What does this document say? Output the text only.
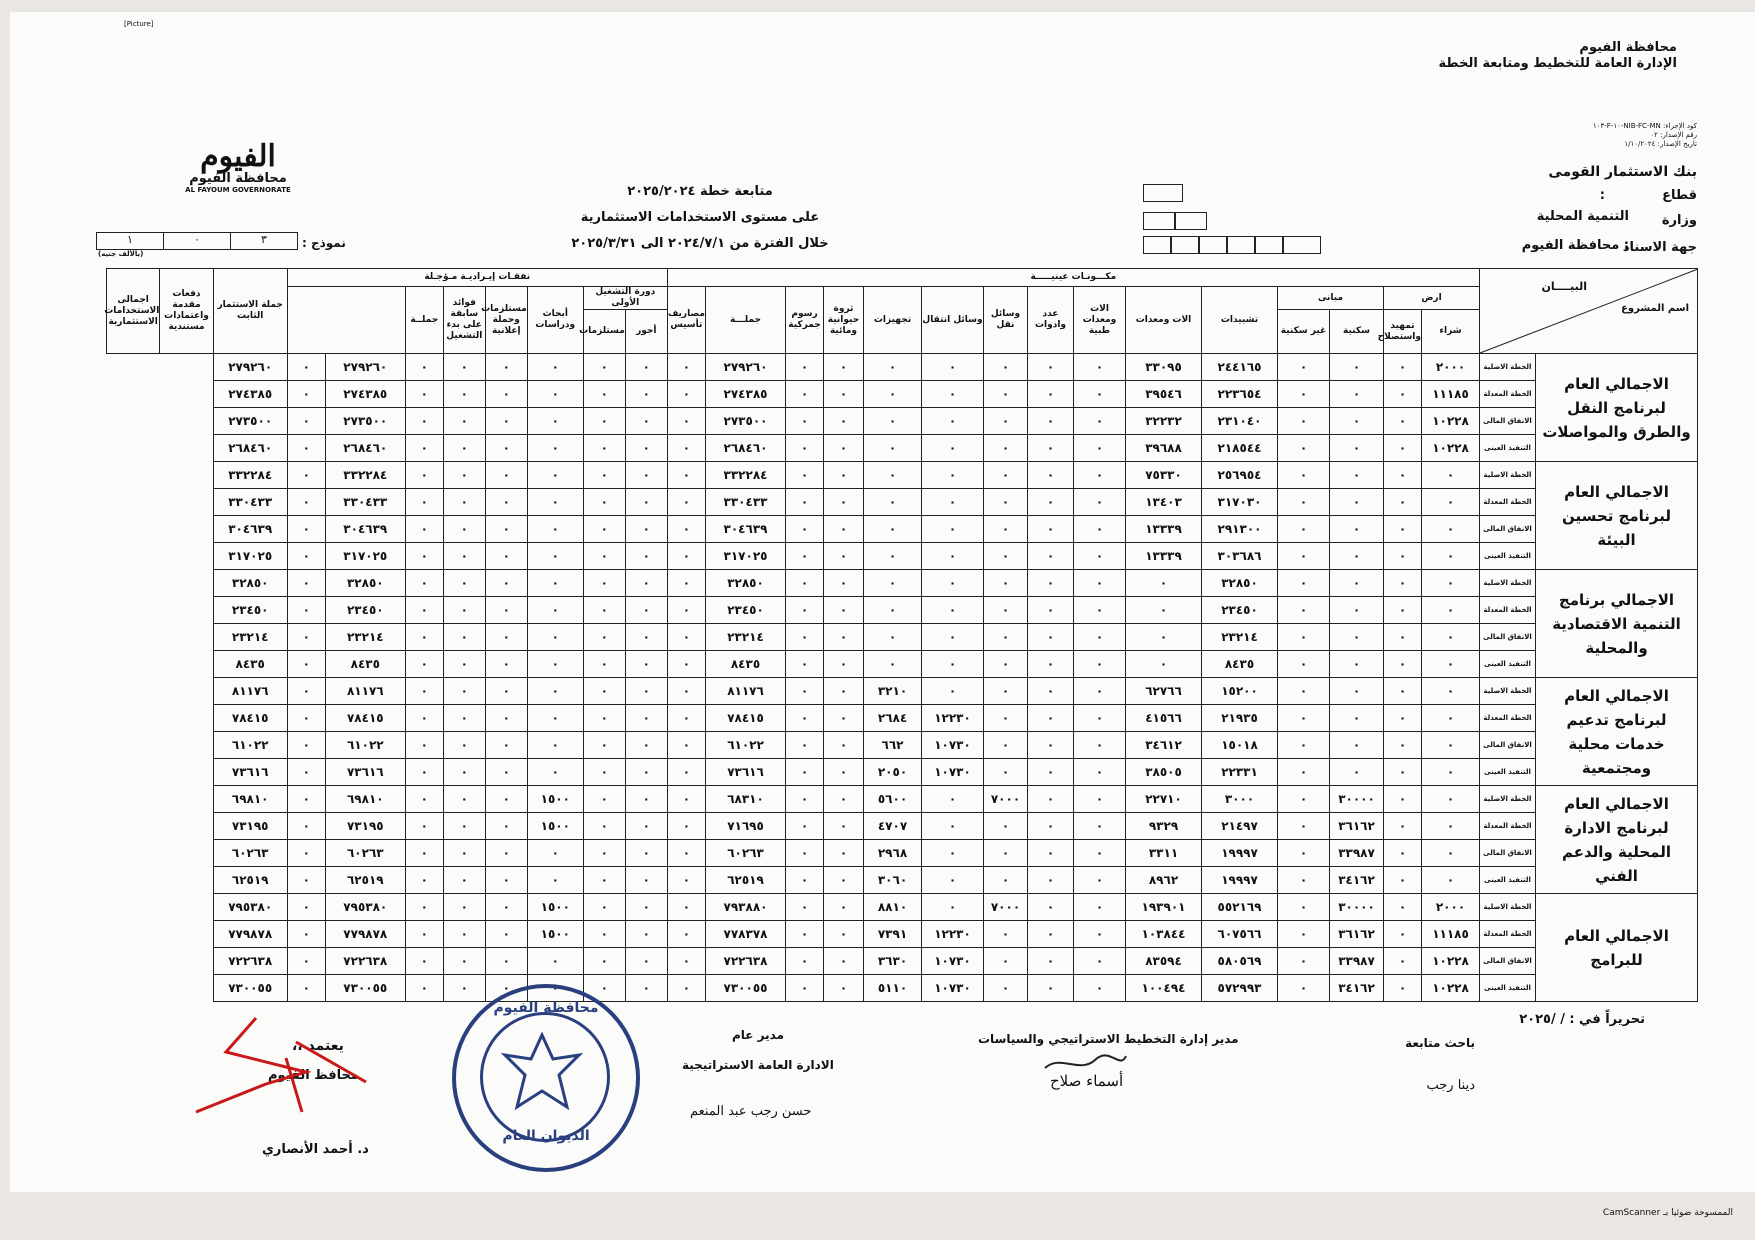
[Picture]
محافظة الفيوم
الإدارة العامة للتخطيط ومتابعة الخطة
كود الإجراء: NIB-FC-MN-١٠-F-١٠٣
رقم الإصدار: ٠٢
تاريخ الإصدار: ١/١٠/٢٠٢٤
بنك الاستثمار القومى
قطاع
:
وزارة
التنمية المحلية
جهة الاسناد
: محافظة الفيوم
متابعة خطة ٢٠٢٥/٢٠٢٤
على مستوى الاستخدامات الاستثمارية
خلال الفترة من ٢٠٢٤/٧/١ الى ٢٠٢٥/٣/٣١
الفيوم
محافظة الفيوم
AL FAYOUM GOVERNORATE
نموذج :
٣
٠
١
(بالألف جنيه)
البيــــان
اسم المشروع		مكـــونـات عينيـــــة															نفقـات إيـراديـة مـؤجـلة								جملة الاستثمار الثابت	دفعات مقدمة واعتمادات مستندية	اجمالى الاستخدامات الاستثمارية
		ارض		مبانى		تشييدات	الات ومعدات	الات ومعدات طبية	عدد وادوات	وسائل نقل	وسائل انتقال	تجهيزات	ثروة حيوانية ومائية	رسوم جمركية	جملـــة	مصاريف تأسيس	دورة التشغيل الأولى		أبحاث ودراسات	مستلزمات وحملة إعلانية	فوائد سابقة على بدء التشغيل	جملــة					
		شراء	تمهيد واستصلاح	سكنية	غير سكنية												أجور	مستلزمات									
الاجمالي العام لبرنامج النقل والطرق والمواصلات	الخطة الاصلية	٢٠٠٠	٠	٠	٠	٢٤٤١٦٥	٣٣٠٩٥	٠	٠	٠	٠	٠	٠	٠	٢٧٩٢٦٠	٠	٠	٠	٠	٠	٠	٠	٢٧٩٢٦٠	٠	٢٧٩٢٦٠		
	الخطة المعدلة	١١١٨٥	٠	٠	٠	٢٢٣٦٥٤	٣٩٥٤٦	٠	٠	٠	٠	٠	٠	٠	٢٧٤٣٨٥	٠	٠	٠	٠	٠	٠	٠	٢٧٤٣٨٥	٠	٢٧٤٣٨٥		
	الانفاق المالى	١٠٢٢٨	٠	٠	٠	٢٣١٠٤٠	٣٢٢٣٢	٠	٠	٠	٠	٠	٠	٠	٢٧٣٥٠٠	٠	٠	٠	٠	٠	٠	٠	٢٧٣٥٠٠	٠	٢٧٣٥٠٠		
	التنفيذ العينى	١٠٢٢٨	٠	٠	٠	٢١٨٥٤٤	٣٩٦٨٨	٠	٠	٠	٠	٠	٠	٠	٢٦٨٤٦٠	٠	٠	٠	٠	٠	٠	٠	٢٦٨٤٦٠	٠	٢٦٨٤٦٠		
الاجمالي العام لبرنامج تحسين البيئة	الخطة الاصلية	٠	٠	٠	٠	٢٥٦٩٥٤	٧٥٣٣٠	٠	٠	٠	٠	٠	٠	٠	٣٣٢٢٨٤	٠	٠	٠	٠	٠	٠	٠	٣٣٢٢٨٤	٠	٣٣٢٢٨٤		
	الخطة المعدلة	٠	٠	٠	٠	٣١٧٠٣٠	١٣٤٠٣	٠	٠	٠	٠	٠	٠	٠	٣٣٠٤٣٣	٠	٠	٠	٠	٠	٠	٠	٣٣٠٤٣٣	٠	٣٣٠٤٣٣		
	الانفاق المالى	٠	٠	٠	٠	٢٩١٣٠٠	١٣٣٣٩	٠	٠	٠	٠	٠	٠	٠	٣٠٤٦٣٩	٠	٠	٠	٠	٠	٠	٠	٣٠٤٦٣٩	٠	٣٠٤٦٣٩		
	التنفيذ العينى	٠	٠	٠	٠	٣٠٣٦٨٦	١٣٣٣٩	٠	٠	٠	٠	٠	٠	٠	٣١٧٠٢٥	٠	٠	٠	٠	٠	٠	٠	٣١٧٠٢٥	٠	٣١٧٠٢٥		
الاجمالي برنامج التنمية الاقتصادية والمحلية	الخطة الاصلية	٠	٠	٠	٠	٣٢٨٥٠	٠	٠	٠	٠	٠	٠	٠	٠	٣٢٨٥٠	٠	٠	٠	٠	٠	٠	٠	٣٢٨٥٠	٠	٣٢٨٥٠		
	الخطة المعدلة	٠	٠	٠	٠	٢٣٤٥٠	٠	٠	٠	٠	٠	٠	٠	٠	٢٣٤٥٠	٠	٠	٠	٠	٠	٠	٠	٢٣٤٥٠	٠	٢٣٤٥٠		
	الانفاق المالى	٠	٠	٠	٠	٢٣٢١٤	٠	٠	٠	٠	٠	٠	٠	٠	٢٣٢١٤	٠	٠	٠	٠	٠	٠	٠	٢٣٢١٤	٠	٢٣٢١٤		
	التنفيذ العينى	٠	٠	٠	٠	٨٤٣٥	٠	٠	٠	٠	٠	٠	٠	٠	٨٤٣٥	٠	٠	٠	٠	٠	٠	٠	٨٤٣٥	٠	٨٤٣٥		
الاجمالي العام لبرنامج تدعيم خدمات محلية ومجتمعية	الخطة الاصلية	٠	٠	٠	٠	١٥٢٠٠	٦٢٧٦٦	٠	٠	٠	٠	٣٢١٠	٠	٠	٨١١٧٦	٠	٠	٠	٠	٠	٠	٠	٨١١٧٦	٠	٨١١٧٦		
	الخطة المعدلة	٠	٠	٠	٠	٢١٩٣٥	٤١٥٦٦	٠	٠	٠	١٢٢٣٠	٢٦٨٤	٠	٠	٧٨٤١٥	٠	٠	٠	٠	٠	٠	٠	٧٨٤١٥	٠	٧٨٤١٥		
	الانفاق المالى	٠	٠	٠	٠	١٥٠١٨	٣٤٦١٢	٠	٠	٠	١٠٧٣٠	٦٦٢	٠	٠	٦١٠٢٢	٠	٠	٠	٠	٠	٠	٠	٦١٠٢٢	٠	٦١٠٢٢		
	التنفيذ العينى	٠	٠	٠	٠	٢٢٣٣١	٣٨٥٠٥	٠	٠	٠	١٠٧٣٠	٢٠٥٠	٠	٠	٧٣٦١٦	٠	٠	٠	٠	٠	٠	٠	٧٣٦١٦	٠	٧٣٦١٦		
الاجمالي العام لبرنامج الادارة المحلية والدعم الفني	الخطة الاصلية	٠	٠	٣٠٠٠٠	٠	٣٠٠٠	٢٢٧١٠	٠	٠	٧٠٠٠	٠	٥٦٠٠	٠	٠	٦٨٣١٠	٠	٠	٠	١٥٠٠	٠	٠	٠	٦٩٨١٠	٠	٦٩٨١٠		
	الخطة المعدلة	٠	٠	٣٦١٦٢	٠	٢١٤٩٧	٩٣٢٩	٠	٠	٠	٠	٤٧٠٧	٠	٠	٧١٦٩٥	٠	٠	٠	١٥٠٠	٠	٠	٠	٧٣١٩٥	٠	٧٣١٩٥		
	الانفاق المالى	٠	٠	٣٣٩٨٧	٠	١٩٩٩٧	٣٣١١	٠	٠	٠	٠	٢٩٦٨	٠	٠	٦٠٢٦٣	٠	٠	٠	٠	٠	٠	٠	٦٠٢٦٣	٠	٦٠٢٦٣		
	التنفيذ العينى	٠	٠	٣٤١٦٢	٠	١٩٩٩٧	٨٩٦٢	٠	٠	٠	٠	٣٠٦٠	٠	٠	٦٢٥١٩	٠	٠	٠	٠	٠	٠	٠	٦٢٥١٩	٠	٦٢٥١٩		
الاجمالي العام للبرامج	الخطة الاصلية	٢٠٠٠	٠	٣٠٠٠٠	٠	٥٥٢١٦٩	١٩٣٩٠١	٠	٠	٧٠٠٠	٠	٨٨١٠	٠	٠	٧٩٣٨٨٠	٠	٠	٠	١٥٠٠	٠	٠	٠	٧٩٥٣٨٠	٠	٧٩٥٣٨٠		
	الخطة المعدلة	١١١٨٥	٠	٣٦١٦٢	٠	٦٠٧٥٦٦	١٠٣٨٤٤	٠	٠	٠	١٢٢٣٠	٧٣٩١	٠	٠	٧٧٨٣٧٨	٠	٠	٠	١٥٠٠	٠	٠	٠	٧٧٩٨٧٨	٠	٧٧٩٨٧٨		
	الانفاق المالى	١٠٢٢٨	٠	٣٣٩٨٧	٠	٥٨٠٥٦٩	٨٣٥٩٤	٠	٠	٠	١٠٧٣٠	٣٦٣٠	٠	٠	٧٢٢٦٣٨	٠	٠	٠	٠	٠	٠	٠	٧٢٢٦٣٨	٠	٧٢٢٦٣٨		
	التنفيذ العينى	١٠٢٢٨	٠	٣٤١٦٢	٠	٥٧٢٩٩٣	١٠٠٤٩٤	٠	٠	٠	١٠٧٣٠	٥١١٠	٠	٠	٧٣٠٠٥٥	٠	٠	٠	٠	٠	٠	٠	٧٣٠٠٥٥	٠	٧٣٠٠٥٥		
تحريراً في :
/ /٢٠٢٥
باحث متابعة
دينا رجب
مدير إدارة التخطيط الاستراتيجي والسياسات
أسماء صلاح
مدير عام
الادارة العامة الاستراتيجية
حسن رجب عبد المنعم
يعتمد ،،
محافظ الفيوم
د. أحمد الأنصاري
محافظة الفيوم
الديوان العام
الممسوحة ضوئيا بـ CamScanner
